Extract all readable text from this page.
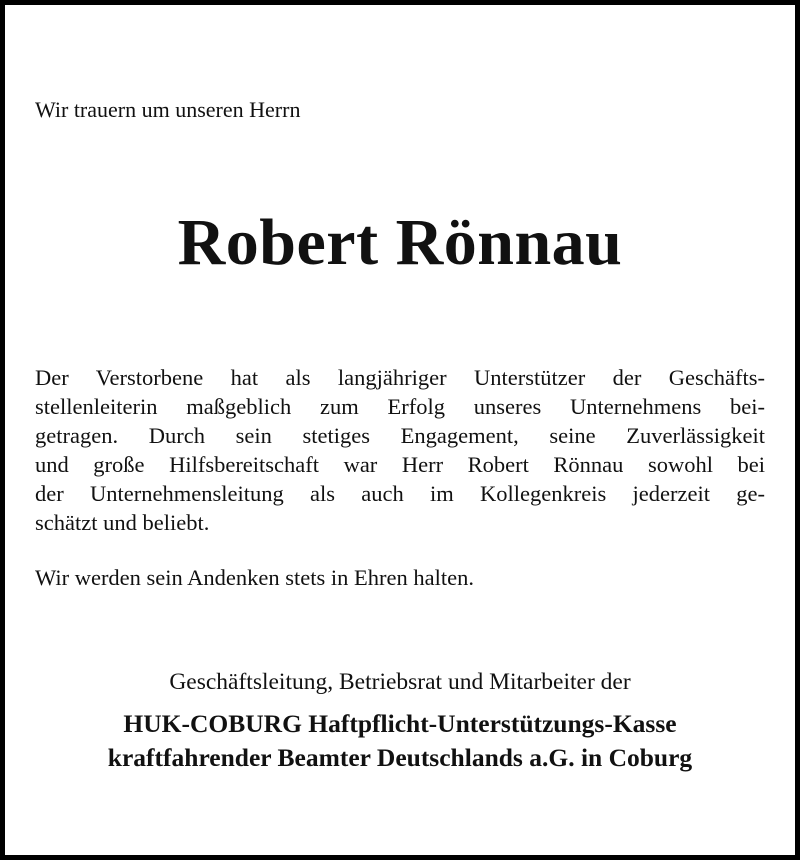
Wir trauern um unseren Herrn

Robert Rönnau
Der Verstorbene hat als langjähriger Unterstützer der Geschäfts-
stellenleiterin maßgeblich zum Erfolg unseres Unternehmens bei-
getragen. Durch sein stetiges Engagement, seine Zuverlässigkeit
und große Hilfsbereitschaft war Herr Robert Rönnau sowohl bei
der Unternehmensleitung als auch im Kollegenkreis jederzeit ge-
schätzt und beliebt.

Wir werden sein Andenken stets in Ehren halten.

Geschäftsleitung, Betriebsrat und Mitarbeiter der

HUK-COBURG Haftpflicht-Unterstützungs-Kasse

kraftfahrender Beamter Deutschlands a.G. in Coburg
